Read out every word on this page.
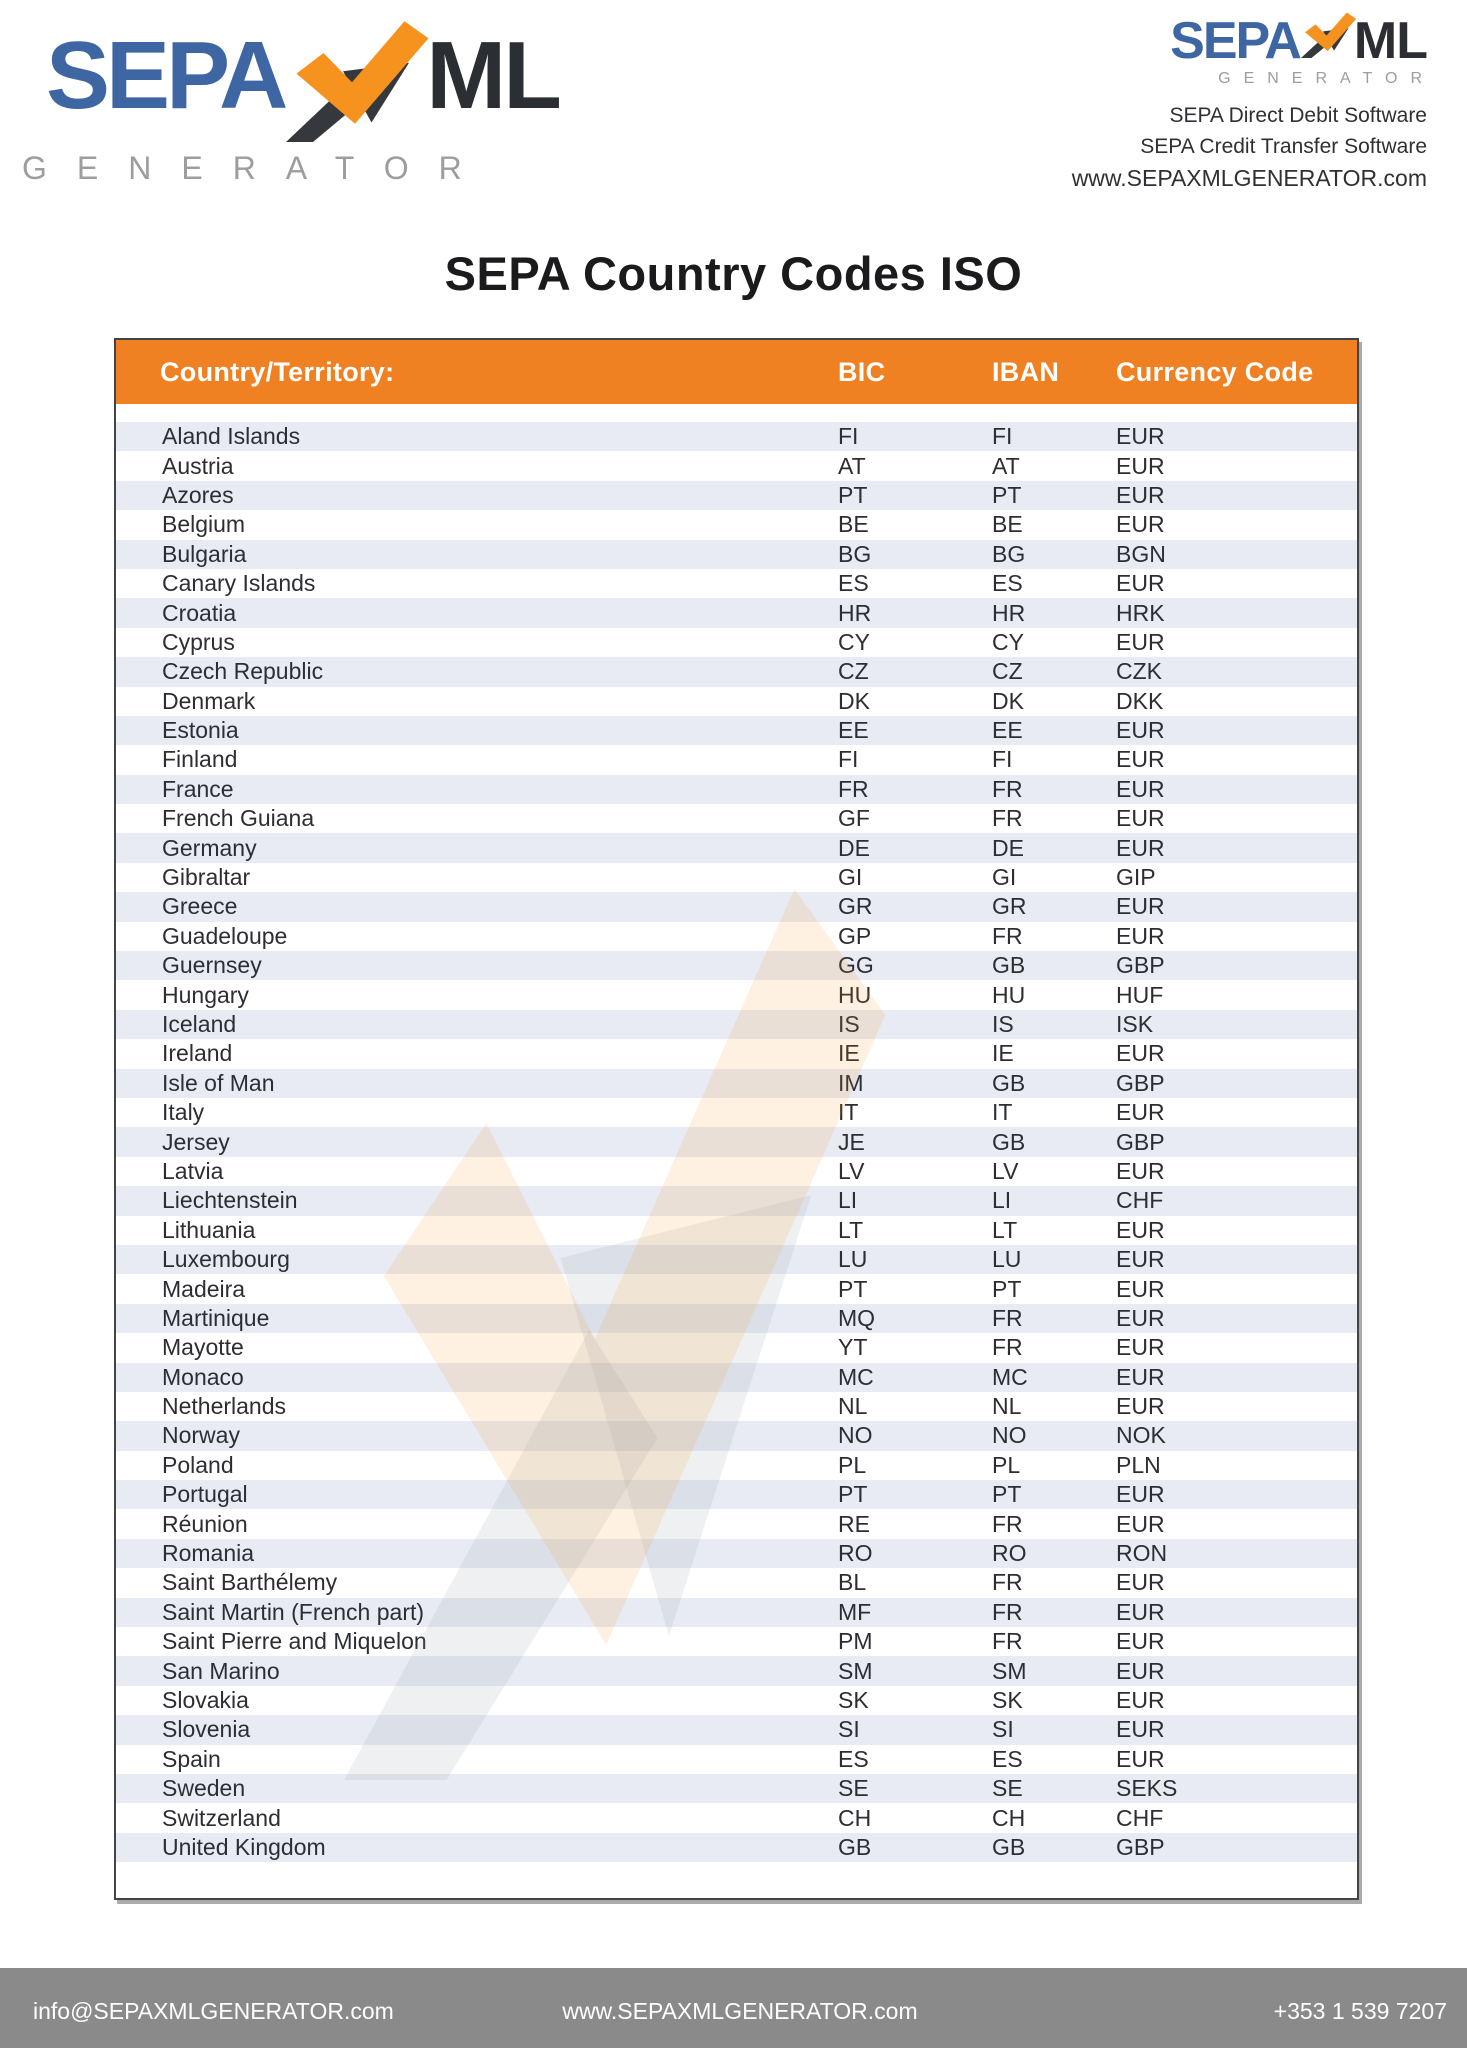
SEPA ML
GENERATOR
SEPA ML
GENERATOR
SEPA Direct Debit Software
SEPA Credit Transfer Software
www.SEPAXMLGENERATOR.com
SEPA Country Codes ISO
Country/Territory:	BIC	IBAN	Currency Code
Aland Islands	FI	FI	EUR
Austria	AT	AT	EUR
Azores	PT	PT	EUR
Belgium	BE	BE	EUR
Bulgaria	BG	BG	BGN
Canary Islands	ES	ES	EUR
Croatia	HR	HR	HRK
Cyprus	CY	CY	EUR
Czech Republic	CZ	CZ	CZK
Denmark	DK	DK	DKK
Estonia	EE	EE	EUR
Finland	FI	FI	EUR
France	FR	FR	EUR
French Guiana	GF	FR	EUR
Germany	DE	DE	EUR
Gibraltar	GI	GI	GIP
Greece	GR	GR	EUR
Guadeloupe	GP	FR	EUR
Guernsey	GG	GB	GBP
Hungary	HU	HU	HUF
Iceland	IS	IS	ISK
Ireland	IE	IE	EUR
Isle of Man	IM	GB	GBP
Italy	IT	IT	EUR
Jersey	JE	GB	GBP
Latvia	LV	LV	EUR
Liechtenstein	LI	LI	CHF
Lithuania	LT	LT	EUR
Luxembourg	LU	LU	EUR
Madeira	PT	PT	EUR
Martinique	MQ	FR	EUR
Mayotte	YT	FR	EUR
Monaco	MC	MC	EUR
Netherlands	NL	NL	EUR
Norway	NO	NO	NOK
Poland	PL	PL	PLN
Portugal	PT	PT	EUR
Réunion	RE	FR	EUR
Romania	RO	RO	RON
Saint Barthélemy	BL	FR	EUR
Saint Martin (French part)	MF	FR	EUR
Saint Pierre and Miquelon	PM	FR	EUR
San Marino	SM	SM	EUR
Slovakia	SK	SK	EUR
Slovenia	SI	SI	EUR
Spain	ES	ES	EUR
Sweden	SE	SE	SEKS
Switzerland	CH	CH	CHF
United Kingdom	GB	GB	GBP
info@SEPAXMLGENERATOR.com	www.SEPAXMLGENERATOR.com	+353 1 539 7207
